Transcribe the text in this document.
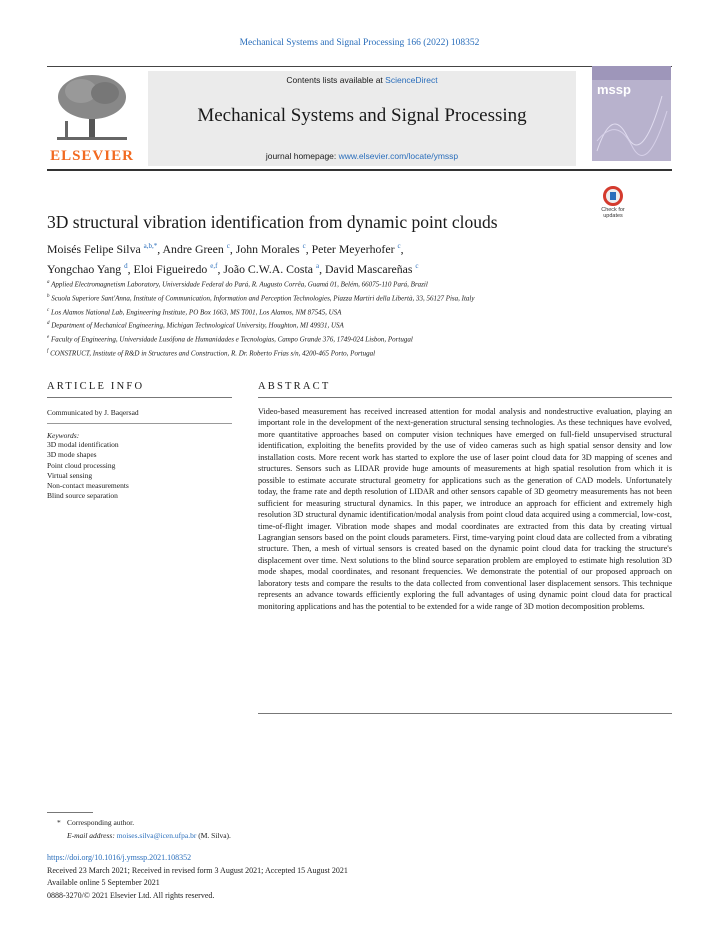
Mechanical Systems and Signal Processing 166 (2022) 108352
ELSEVIER
Contents lists available at ScienceDirect
Mechanical Systems and Signal Processing
journal homepage: www.elsevier.com/locate/ymssp
mssp
Check for updates
3D structural vibration identification from dynamic point clouds
Moisés Felipe Silva $^{a,b,*}$, Andre Green $^c$, John Morales $^c$, Peter Meyerhofer $^c$,
Yongchao Yang $^d$, Eloi Figueiredo $^{e,f}$, João C.W.A. Costa $^a$, David Mascareñas $^c$
$^a$ Applied Electromagnetism Laboratory, Universidade Federal do Pará, R. Augusto Corrêa, Guamá 01, Belém, 66075-110 Pará, Brazil
$^b$ Scuola Superiore Sant'Anna, Institute of Communication, Information and Perception Technologies, Piazza Martiri della Libertà, 33, 56127 Pisa, Italy
$^c$ Los Alamos National Lab, Engineering Institute, PO Box 1663, MS T001, Los Alamos, NM 87545, USA
$^d$ Department of Mechanical Engineering, Michigan Technological University, Houghton, MI 49931, USA
$^e$ Faculty of Engineering, Universidade Lusófona de Humanidades e Tecnologias, Campo Grande 376, 1749-024 Lisbon, Portugal
$^f$ CONSTRUCT, Institute of R&D in Structures and Construction, R. Dr. Roberto Frias s/n, 4200-465 Porto, Portugal
ARTICLE INFO	ABSTRACT
Communicated by J. Baqersad
Keywords:
3D modal identification
3D mode shapes
Point cloud processing
Virtual sensing
Non-contact measurements
Blind source separation
Video-based measurement has received increased attention for modal analysis and nondestructive evaluation, playing an important role in the development of the next-generation structural sensing technologies. As these techniques have evolved, more quantitative approaches based on computer vision techniques have emerged on full-field unsupervised structural identification, exploiting the benefits provided by the use of video cameras such as high spatial sensor density and low installation costs. More recent work has started to explore the use of laser point cloud data for 3D mapping of scenes and structures. Sensors such as LIDAR provide huge amounts of measurements at high spatial resolution from which it is possible to estimate accurate structural geometry for applications such as the generation of CAD models. Unfortunately today, the frame rate and depth resolution of LIDAR and other sensors capable of 3D geometry measurements has not been sufficient for measuring structural dynamics. In this paper, we introduce an approach for efficient and extremely high resolution 3D structural dynamic identification/modal analysis from point cloud data acquired using a commercial, low-cost, time-of-flight imager. Vibration mode shapes and modal coordinates are extracted from this data by creating virtual Lagrangian sensors based on the point clouds parameters. First, time-varying point cloud data are collected from a vibrating structure. Then, a mesh of virtual sensors is created based on the dynamic point cloud data for tracking the structure's displacement over time. Next solutions to the blind source separation problem are employed to estimate high resolution 3D mode shapes, modal coordinates, and resonant frequencies. We demonstrate the potential of our proposed approach on laboratory tests and compare the results to the data collected from conventional laser displacement sensors. This technique represents an advance towards efficiently exploring the full advantages of using dynamic point cloud data for practical monitoring applications and has the potential to be extended for a wide range of 3D motion decomposition problems.
* Corresponding author.
E-mail address: moises.silva@icen.ufpa.br (M. Silva).
https://doi.org/10.1016/j.ymssp.2021.108352
Received 23 March 2021; Received in revised form 3 August 2021; Accepted 15 August 2021
Available online 5 September 2021
0888-3270/© 2021 Elsevier Ltd. All rights reserved.
